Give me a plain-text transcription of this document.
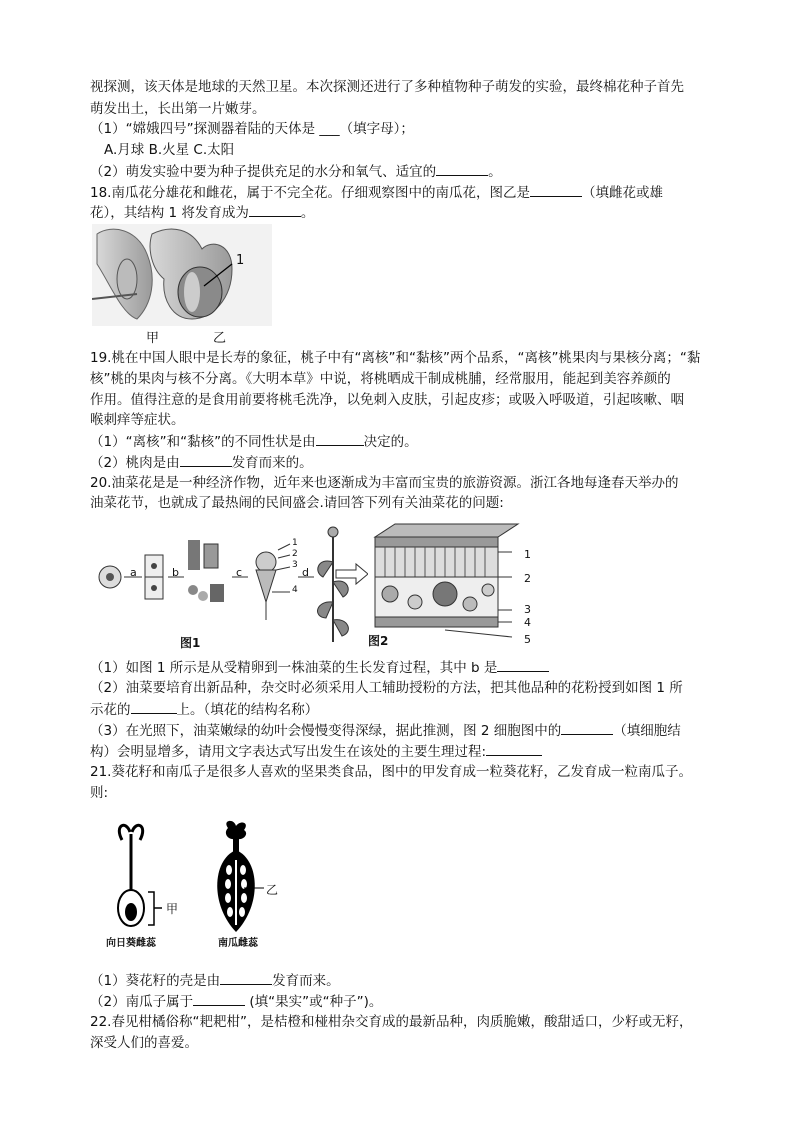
视探测，该天体是地球的天然卫星。本次探测还进行了多种植物种子萌发的实验，最终棉花种子首先
萌发出土，长出第一片嫩芽。
（1）“嫦娥四号”探测器着陆的天体是 ___（填字母）；
A.月球 B.火星 C.太阳
（2）萌发实验中要为种子提供充足的水分和氧气、适宜的	。
18.南瓜花分雄花和雌花，属于不完全花。仔细观察图中的南瓜花，图乙是	（填雌花或雄
花），其结构 1 将发育成为	。
1
甲	乙
19.桃在中国人眼中是长寿的象征，桃子中有“离核”和“黏核”两个品系，“离核”桃果肉与果核分离；“黏
核”桃的果肉与核不分离。《大明本草》中说，将桃晒成干制成桃脯，经常服用，能起到美容养颜的
作用。值得注意的是食用前要将桃毛洗净，以免刺入皮肤，引起皮疹；或吸入呼吸道，引起咳嗽、咽
喉刺痒等症状。
（1）“离核”和“黏核”的不同性状是由	决定的。
（2）桃肉是由	发育而来的。
20.油菜花是是一种经济作物，近年来也逐渐成为丰富而宝贵的旅游资源。浙江各地每逢春天举办的
油菜花节，也就成了最热闹的民间盛会.请回答下列有关油菜花的问题:
a	b	c	d
1
2
3
4
图1
1
2
3
4
5
图2
（1）如图 1 所示是从受精卵到一株油菜的生长发育过程，其中 b 是
（2）油菜要培育出新品种，杂交时必须采用人工辅助授粉的方法，把其他品种的花粉授到如图 1 所
示花的	上。（填花的结构名称）
（3）在光照下，油菜嫩绿的幼叶会慢慢变得深绿，据此推测，图 2 细胞图中的	（填细胞结
构）会明显增多，请用文字表达式写出发生在该处的主要生理过程:
21.葵花籽和南瓜子是很多人喜欢的坚果类食品，图中的甲发育成一粒葵花籽，乙发育成一粒南瓜子。
则:
甲
乙
向日葵雌蕊	南瓜雌蕊
（1）葵花籽的壳是由	发育而来。
（2）南瓜子属于	(填“果实”或“种子”)。
22.春见柑橘俗称“耙耙柑”，是桔橙和椪柑杂交育成的最新品种，肉质脆嫩，酸甜适口，少籽或无籽，
深受人们的喜爱。
